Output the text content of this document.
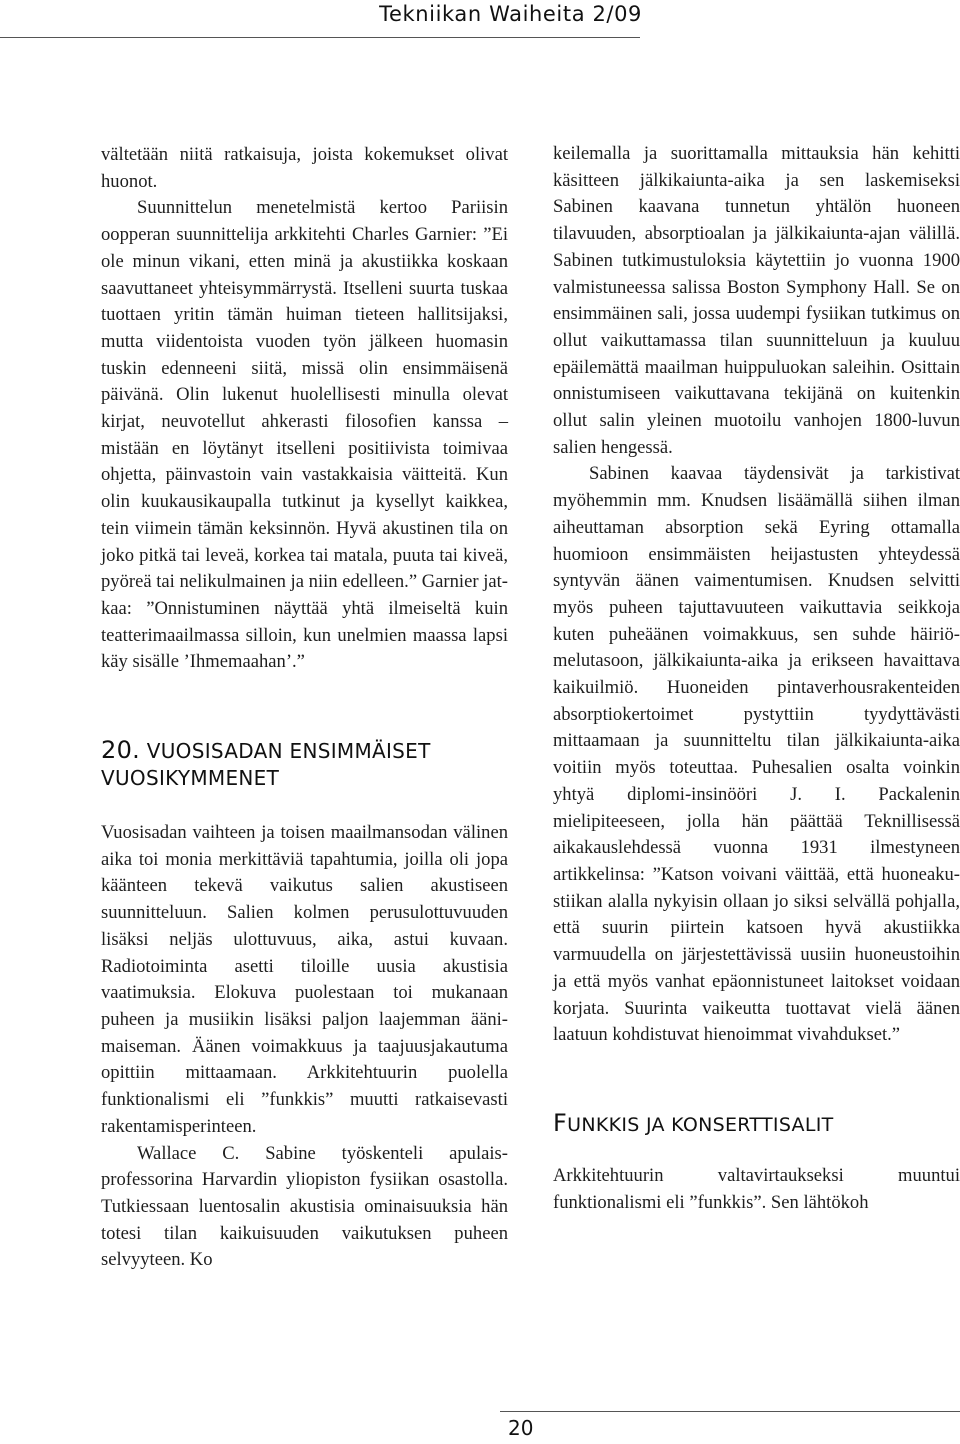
Tekniikan Waiheita 2/09

vältetään niitä ratkaisuja, joista kokemukset olivat huonot.

Suunnittelun menetelmistä kertoo Pariisin oopperan suunnittelija arkkitehti Charles Garnier: ”Ei ole minun vikani, etten minä ja akustiikka koskaan saavuttaneet yhteisymmärrystä. Itselleni suurta tuskaa tuottaen yritin tämän huiman tieteen hallitsijaksi, mutta viidentoista vuoden työn jälkeen huomasin tuskin edenneeni siitä, missä olin ensimmäisenä päivänä. Olin lukenut huolellisesti minulla olevat kirjat, neuvotellut ahkerasti filosofien kanssa – mistään en löytänyt itselleni positiivista toimivaa ohjetta, päinvastoin vain vastakkaisia väitteitä. Kun olin kuukausikaupalla tutkinut ja kysellyt kaikkea, tein viimein tämän keksinnön. Hyvä akustinen tila on joko pitkä tai leveä, korkea tai matala, puuta tai kiveä, pyöreä tai nelikulmainen ja niin edelleen.” Garnier jatkaa: ”Onnistuminen näyttää yhtä ilmeiseltä kuin teatterimaailmassa silloin, kun unelmien maassa lapsi käy sisälle ’Ihmemaahan’.”

20. VUOSISADAN ENSIMMÄISET VUOSIKYMMENET

Vuosisadan vaihteen ja toisen maailmansodan välinen aika toi monia merkittäviä tapahtumia, joilla oli jopa käänteen tekevä vaikutus salien akustiseen suunnitteluun. Salien kolmen perusulottuvuuden lisäksi neljäs ulottuvuus, aika, astui kuvaan. Radiotoiminta asetti tiloille uusia akustisia vaatimuksia. Elokuva puolestaan toi mukanaan puheen ja musiikin lisäksi paljon laajemman äänimaiseman. Äänen voimakkuus ja taajuusjakautuma opittiin mittaamaan. Arkkitehtuurin puolella funktionalismi eli ”funkkis” muutti ratkaisevasti rakentamisperinteen.

Wallace C. Sabine työskenteli apulaisprofessorina Harvardin yliopiston fysiikan osastolla. Tutkiessaan luentosalin akustisia ominaisuuksia hän totesi tilan kaikuisuuden vaikutuksen puheen selvyyteen. Ko

keilemalla ja suorittamalla mittauksia hän kehitti käsitteen jälkikaiunta-aika ja sen laskemiseksi Sabinen kaavana tunnetun yhtälön huoneen tilavuuden, absorptioalan ja jälkikaiunta-ajan välillä. Sabinen tutkimustuloksia käytettiin jo vuonna 1900 valmistuneessa salissa Boston Symphony Hall. Se on ensimmäinen sali, jossa uudempi fysiikan tutkimus on ollut vaikuttamassa tilan suunnitteluun ja kuuluu epäilemättä maailman huippuluokan saleihin. Osittain onnistumiseen vaikuttavana tekijänä on kuitenkin ollut salin yleinen muotoilu vanhojen 1800-luvun salien hengessä.

Sabinen kaavaa täydensivät ja tarkistivat myöhemmin mm. Knudsen lisäämällä siihen ilman aiheuttaman absorption sekä Eyring ottamalla huomioon ensimmäisten heijastusten yhteydessä syntyvän äänen vaimentumisen. Knudsen selvitti myös puheen tajuttavuuteen vaikuttavia seikkoja kuten puheäänen voimakkuus, sen suhde häiriömelutasoon, jälkikaiunta-aika ja erikseen havaittava kaikuilmiö. Huoneiden pintaverhousrakenteiden absorptiokertoimet pystyttiin tyydyttävästi mittaamaan ja suunnitteltu tilan jälkikaiunta-aika voitiin myös toteuttaa. Puhesalien osalta voinkin yhtyä diplomi-insinööri J. I. Packalenin mielipiteeseen, jolla hän päättää Teknillisessä aikakauslehdessä vuonna 1931 ilmestyneen artikkelinsa: ”Katson voivani väittää, että huoneakustiikan alalla nykyisin ollaan jo siksi selvällä pohjalla, että suurin piirtein katsoen hyvä akustiikka varmuudella on järjestettävissä uusiin huoneustoihin ja että myös vanhat epäonnistuneet laitokset voidaan korjata. Suurinta vaikeutta tuottavat vielä äänen laatuun kohdistuvat hienoimmat vivahdukset.”

FUNKKIS JA KONSERTTISALIT

Arkkitehtuurin valtavirtaukseksi muuntui funktionalismi eli ”funkkis”. Sen lähtökoh

20
